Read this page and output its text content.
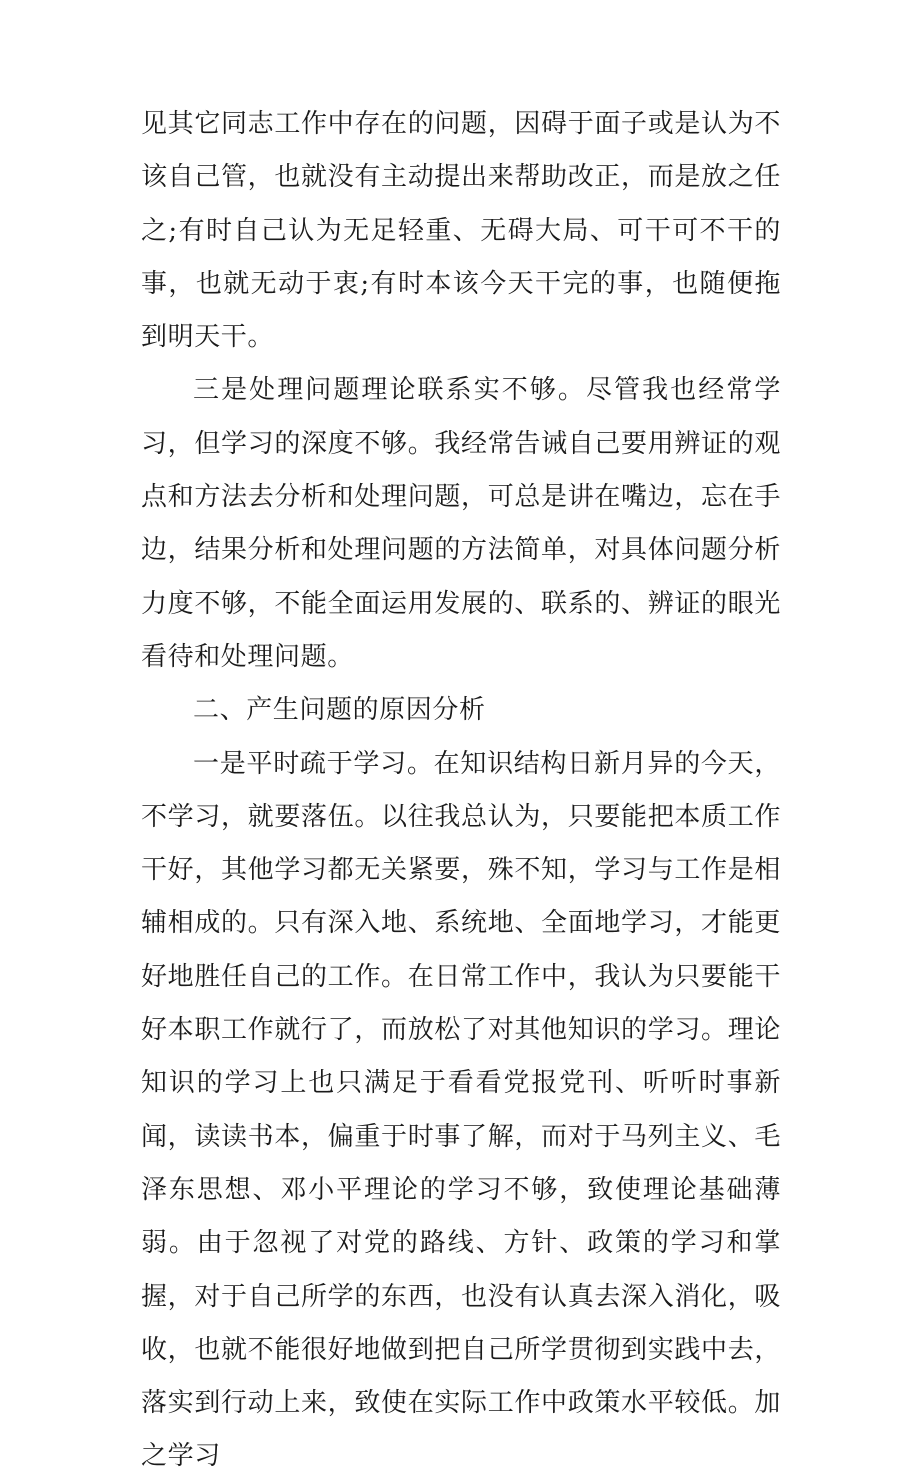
见其它同志工作中存在的问题，因碍于面子或是认为不该自己管，也就没有主动提出来帮助改正，而是放之任之;有时自己认为无足轻重、无碍大局、可干可不干的事，也就无动于衷;有时本该今天干完的事，也随便拖到明天干。

三是处理问题理论联系实不够。尽管我也经常学习，但学习的深度不够。我经常告诫自己要用辨证的观点和方法去分析和处理问题，可总是讲在嘴边，忘在手边，结果分析和处理问题的方法简单，对具体问题分析力度不够，不能全面运用发展的、联系的、辨证的眼光看待和处理问题。

二、产生问题的原因分析

一是平时疏于学习。在知识结构日新月异的今天，不学习，就要落伍。以往我总认为，只要能把本质工作干好，其他学习都无关紧要，殊不知，学习与工作是相辅相成的。只有深入地、系统地、全面地学习，才能更好地胜任自己的工作。在日常工作中，我认为只要能干好本职工作就行了，而放松了对其他知识的学习。理论知识的学习上也只满足于看看党报党刊、听听时事新闻，读读书本，偏重于时事了解，而对于马列主义、毛泽东思想、邓小平理论的学习不够，致使理论基础薄弱。由于忽视了对党的路线、方针、政策的学习和掌握，对于自己所学的东西，也没有认真去深入消化，吸收，也就不能很好地做到把自己所学贯彻到实践中去，落实到行动上来，致使在实际工作中政策水平较低。加之学习
